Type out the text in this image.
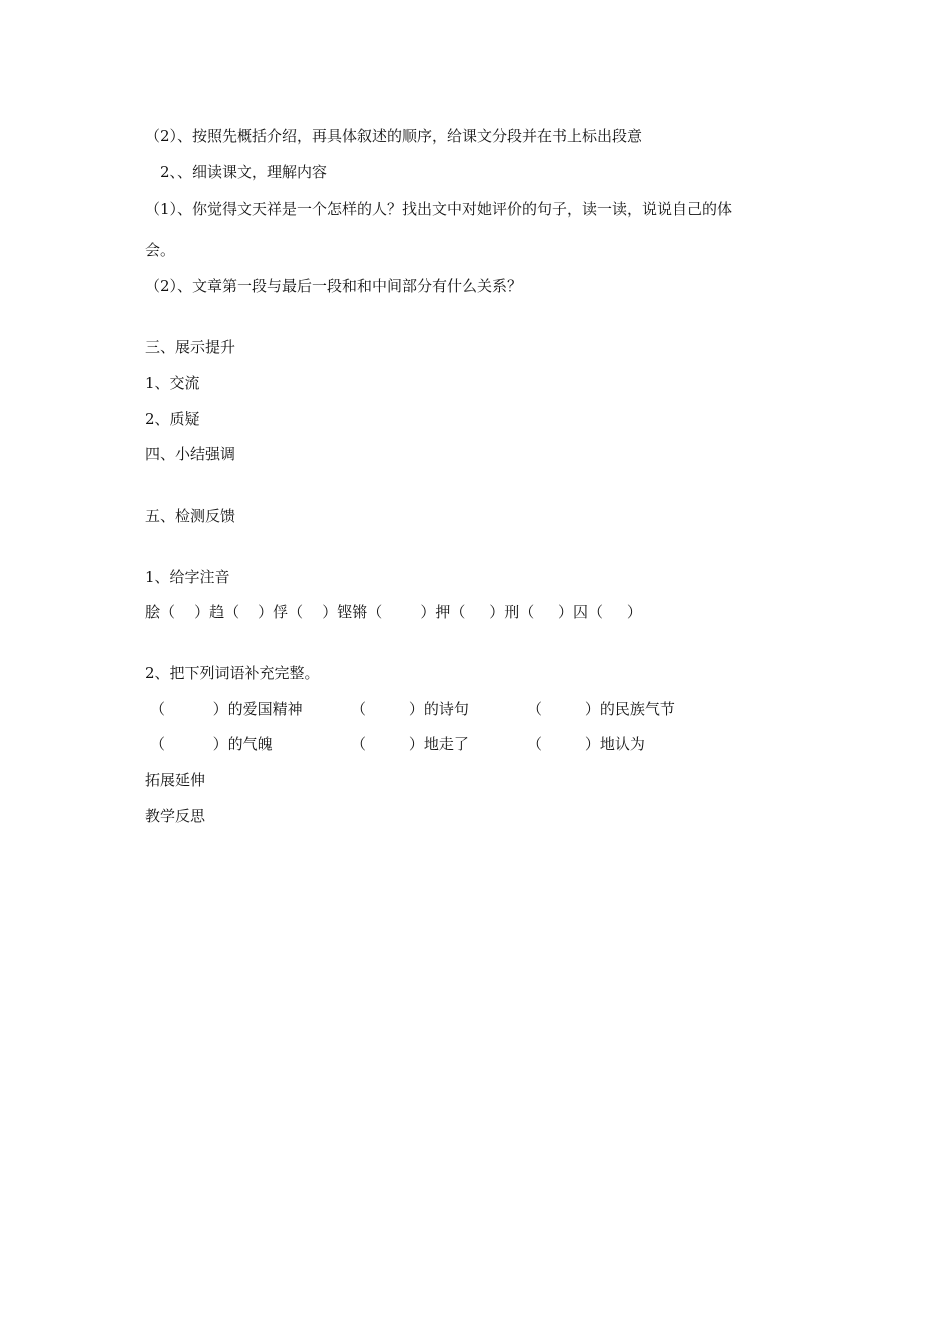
（2）、按照先概括介绍，再具体叙述的顺序，给课文分段并在书上标出段意
2、、细读课文，理解内容
（1）、你觉得文天祥是一个怎样的人？找出文中对她评价的句子，读一读，说说自己的体
会。
（2）、文章第一段与最后一段和和中间部分有什么关系？
三、展示提升
1、交流
2、质疑
四、小结强调
五、检测反馈
1、给字注音
脍（    ）趋（    ）俘（    ）铿锵（        ）押（     ）刑（     ）囚（     ）
2、把下列词语补充完整。
（          ）的爱国精神	（         ）的诗句	（         ）的民族气节
（          ）的气魄	（         ）地走了	（         ）地认为
拓展延伸
教学反思
